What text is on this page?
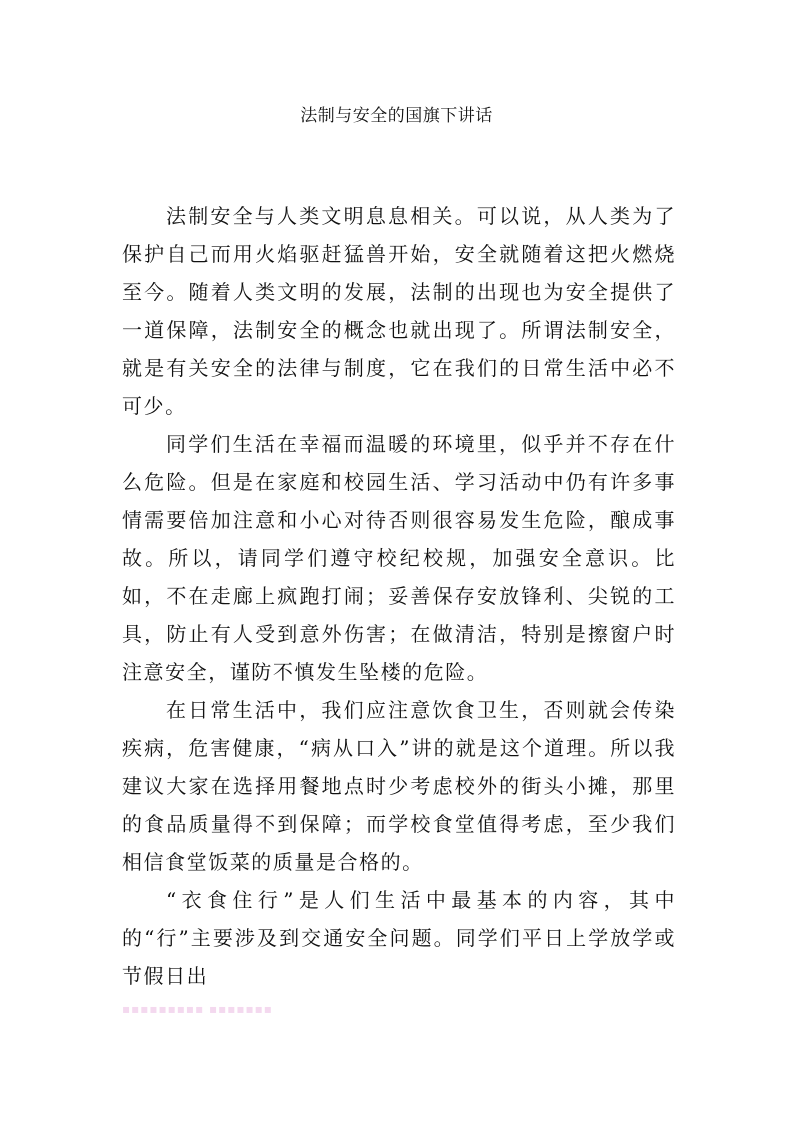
法制与安全的国旗下讲话

法制安全与人类文明息息相关。可以说，从人类为了保护自己而用火焰驱赶猛兽开始，安全就随着这把火燃烧至今。随着人类文明的发展，法制的出现也为安全提供了一道保障，法制安全的概念也就出现了。所谓法制安全，就是有关安全的法律与制度，它在我们的日常生活中必不可少。

同学们生活在幸福而温暖的环境里，似乎并不存在什么危险。但是在家庭和校园生活、学习活动中仍有许多事情需要倍加注意和小心对待否则很容易发生危险，酿成事故。所以，请同学们遵守校纪校规，加强安全意识。比如，不在走廊上疯跑打闹；妥善保存安放锋利、尖锐的工具，防止有人受到意外伤害；在做清洁，特别是擦窗户时注意安全，谨防不慎发生坠楼的危险。

在日常生活中，我们应注意饮食卫生，否则就会传染疾病，危害健康，“病从口入”讲的就是这个道理。所以我建议大家在选择用餐地点时少考虑校外的街头小摊，那里的食品质量得不到保障；而学校食堂值得考虑，至少我们相信食堂饭菜的质量是合格的。

“衣食住行”是人们生活中最基本的内容，其中的“行”主要涉及到交通安全问题。同学们平日上学放学或节假日出

▪▪▪▪▪▪▪▪▪ ▪▪▪▪▪▪▪
